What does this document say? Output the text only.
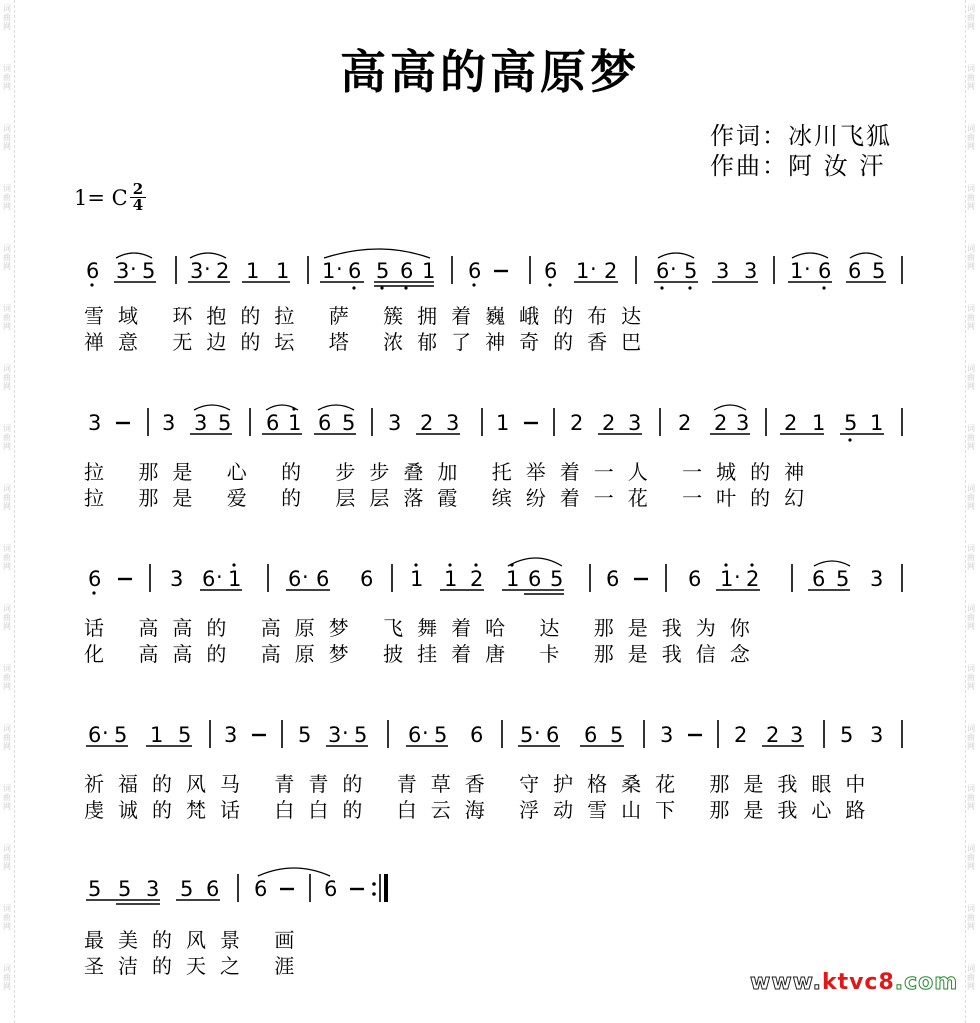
词
曲
网
词
曲
网
词
曲
网
词
曲
网
词
曲
网
词
曲
网
词
曲
网
词
曲
网
词
曲
网
词
曲
网
词
曲
网
词
曲
网
词
曲
网
词
曲
网
词
曲
网
词
曲
网
词
曲
网
词
曲
网
词
曲
网
词
曲
网
词
曲
网
词
曲
网
词
曲
网
词
曲
网
词
曲
网
词
曲
网
词
曲
网
词
曲
网
词
曲
网
词
曲
网
词
曲
网
词
曲
网
词
曲
网
词
曲
网
高高的高原梦
作词：冰川飞狐
作曲：阿 汝 汗
1= C $\frac{2}{4}$
6 3 · 5 3 · 2 1 1 1 · 6 5 6 1 6	6 1 · 2 6 · 5 3 3 1 · 6 6 5
雪域 环抱的拉 萨 簇拥着巍峨的布达
禅意 无边的坛 塔 浓郁了神奇的香巴
3	3 3 5 6 1 6 5 3 2 3 1	2 2 3 2 2 3 2 1 5 1
拉 那是 心 的 步步叠加 托举着一人 一城的神
拉 那是 爱 的 层层落霞 缤纷着一花 一叶的幻
6	3 6 · 1 6 · 6 6 1 1 2 1 6 5 6	6 1 · 2	6 5 3
话 高高的 高原梦 飞舞着哈 达 那是我为你
化 高高的 高原梦 披挂着唐 卡 那是我信念
6 · 5 1 5 3	5 3 · 5 6 · 5 6 5 · 6 6 5 3	2 2 3 5 3
祈福的风马 青青的 青草香 守护格桑花 那是我眼中
虔诚的梵话 白白的 白云海 浮动雪山下 那是我心路
5 5 3 5 6 6	6
最美的风景 画
圣洁的天之 涯
www.ktvc8.com
